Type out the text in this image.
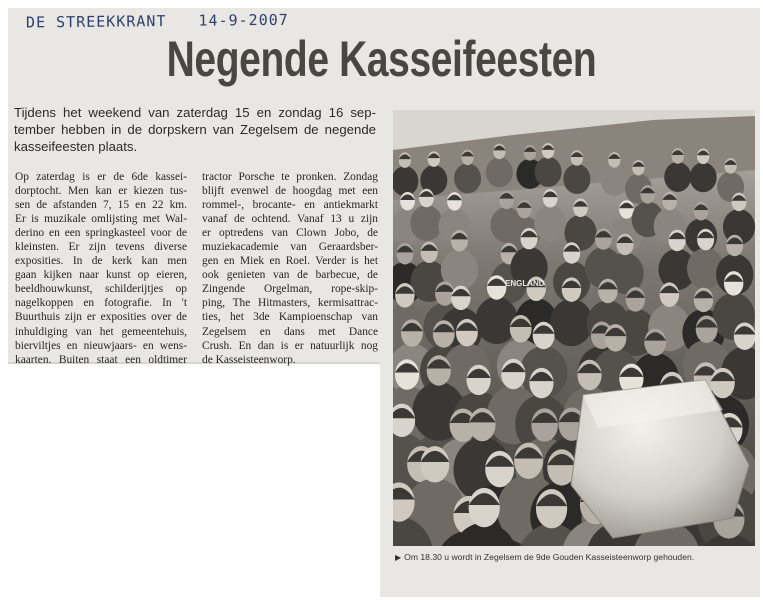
DE STREEKKRANT 14-9-2007
Negende Kasseifeesten
Tijdens het weekend van zaterdag 15 en zondag 16 sep-
tember hebben in de dorpskern van Zegelsem de negende
kasseifeesten plaats.
Op zaterdag is er de 6de kassei-
dorptocht. Men kan er kiezen tus-
sen de afstanden 7, 15 en 22 km.
Er is muzikale omlijsting met Wal-
derino en een springkasteel voor de
kleinsten. Er zijn tevens diverse
exposities. In de kerk kan men
gaan kijken naar kunst op eieren,
beeldhouwkunst, schilderijtjes op
nagelkoppen en fotografie. In 't
Buurthuis zijn er exposities over de
inhuldiging van het gemeentehuis,
bierviltjes en nieuwjaars- en wens-
kaarten. Buiten staat een oldtimer
tractor Porsche te pronken. Zondag
blijft evenwel de hoogdag met een
rommel-, brocante- en antiekmarkt
vanaf de ochtend. Vanaf 13 u zijn
er optredens van Clown Jobo, de
muziekacademie van Geraardsber-
gen en Miek en Roel. Verder is het
ook genieten van de barbecue, de
Zingende Orgelman, rope-skip-
ping, The Hitmasters, kermisattrac-
ties, het 3de Kampioenschap van
Zegelsem en dans met Dance
Crush. En dan is er natuurlijk nog
de Kasseisteenworp.
ENGLAND
▶ Om 18.30 u wordt in Zegelsem de 9de Gouden Kasseisteenworp gehouden.
